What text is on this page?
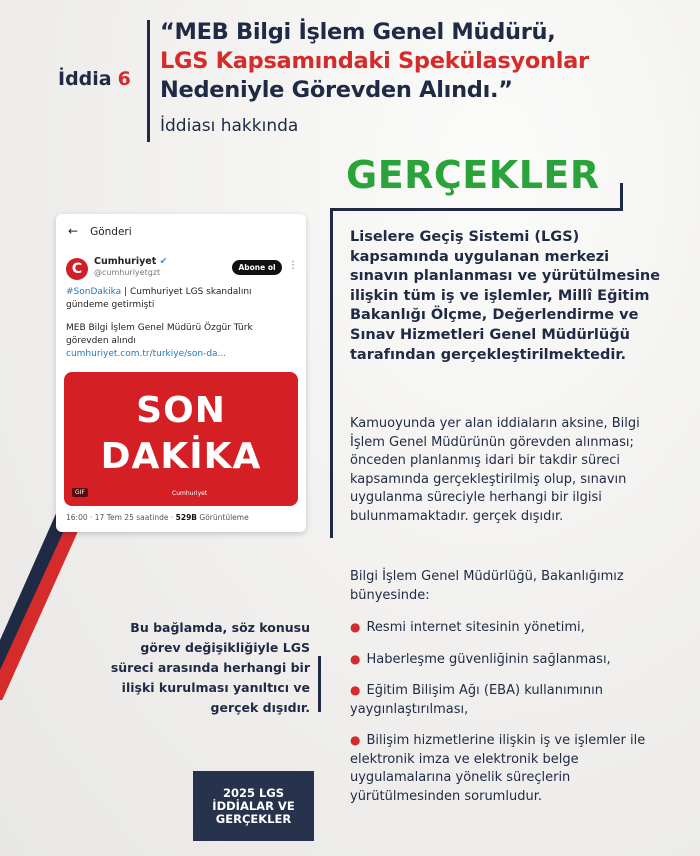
İddia 6
“MEB Bilgi İşlem Genel Müdürü,
LGS Kapsamındaki Spekülasyonlar
Nedeniyle Görevden Alındı.”
İddiası hakkında
GERÇEKLER
← Gönderi
C	Cumhuriyet ✔
@cumhuriyetgzt
Abone ol	⋮
#SonDakika | Cumhuriyet LGS skandalını gündeme getirmişti
MEB Bilgi İşlem Genel Müdürü Özgür Türk görevden alındı
cumhuriyet.com.tr/turkiye/son-da...
SON
DAKİKA
GIF	Cumhuriyet
16:00 · 17 Tem 25 saatinde · 529B Görüntüleme
Bu bağlamda, söz konusu görev değişikliğiyle LGS süreci arasında herhangi bir ilişki kurulması yanıltıcı ve gerçek dışıdır.
2025 LGS
İDDİALAR VE
GERÇEKLER
Liselere Geçiş Sistemi (LGS) kapsamında uygulanan merkezi sınavın planlanması ve yürütülmesine ilişkin tüm iş ve işlemler, Millî Eğitim Bakanlığı Ölçme, Değerlendirme ve Sınav Hizmetleri Genel Müdürlüğü tarafından gerçekleştirilmektedir.
Kamuoyunda yer alan iddiaların aksine, Bilgi İşlem Genel Müdürünün görevden alınması; önceden planlanmış idari bir takdir süreci kapsamında gerçekleştirilmiş olup, sınavın uygulanma süreciyle herhangi bir ilgisi bulunmamaktadır. gerçek dışıdır.
Bilgi İşlem Genel Müdürlüğü, Bakanlığımız bünyesinde:
● Resmi internet sitesinin yönetimi,
● Haberleşme güvenliğinin sağlanması,
● Eğitim Bilişim Ağı (EBA) kullanımının yaygınlaştırılması,
● Bilişim hizmetlerine ilişkin iş ve işlemler ile elektronik imza ve elektronik belge uygulamalarına yönelik süreçlerin yürütülmesinden sorumludur.
